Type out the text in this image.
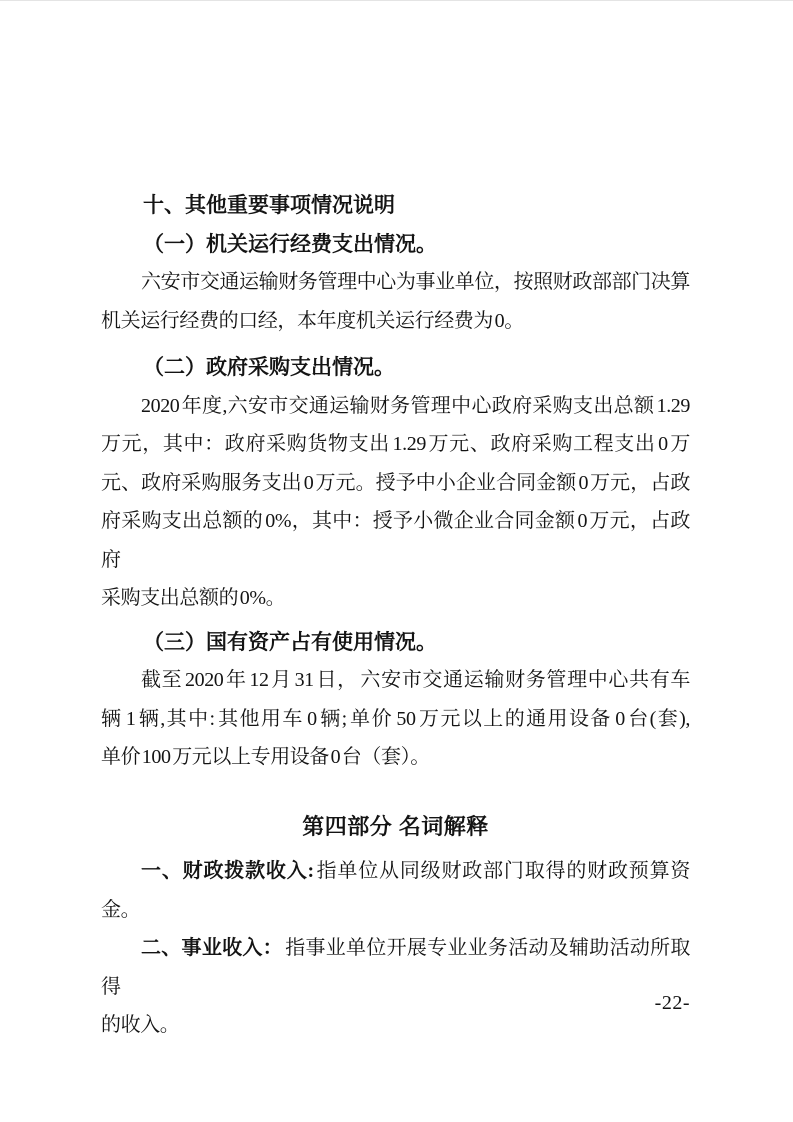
十、其他重要事项情况说明
（一）机关运行经费支出情况。
六安市交通运输财务管理中心为事业单位，按照财政部部门决算
机关运行经费的口经，本年度机关运行经费为 0。
（二）政府采购支出情况。
2020 年度,六安市交通运输财务管理中心政府采购支出总额 1.29
万元，其中：政府采购货物支出 1.29 万元、政府采购工程支出 0 万
元、政府采购服务支出 0 万元。授予中小企业合同金额 0 万元，占政
府采购支出总额的 0%，其中：授予小微企业合同金额 0 万元，占政府
采购支出总额的 0%。
（三）国有资产占有使用情况。
截至 2020 年 12 月 31 日， 六安市交通运输财务管理中心共有车
辆 1 辆,其中: 其他用车 0 辆; 单价 50 万元以上的通用设备 0 台(套),
单价 100 万元以上专用设备 0 台（套）。
第四部分 名词解释
一、财政拨款收入: 指单位从同级财政部门取得的财政预算资金。
二、事业收入： 指事业单位开展专业业务活动及辅助活动所取得
的收入。
-22-
